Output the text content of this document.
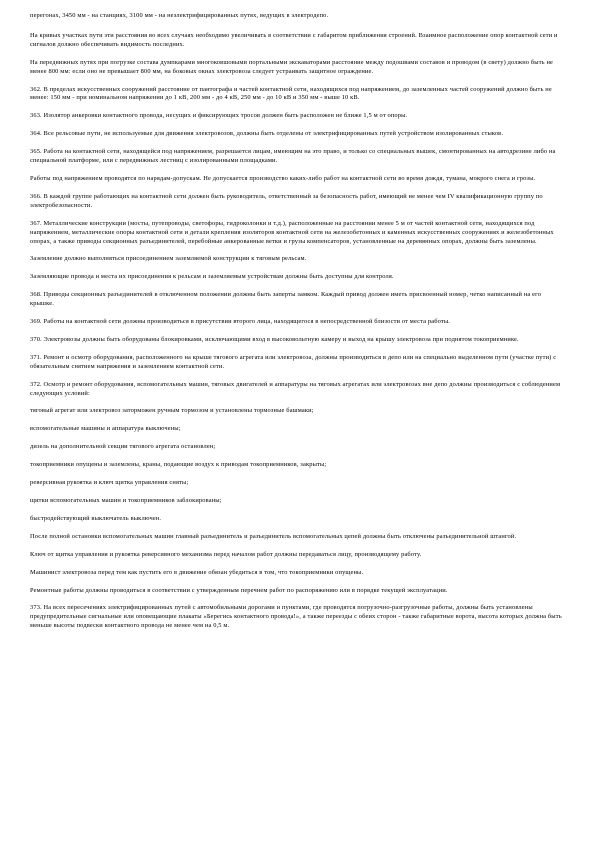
перегонах, 3450 мм - на станциях, 3100 мм - на неэлектрифицированных путях, ведущих в электродепо.

На кривых участках пути эти расстояния во всех случаях необходимо увеличивать в соответствии с габаритом приближения строений. Взаимное расположение опор контактной сети и сигналов должно обеспечивать видимость последних.

На передвижных путях при погрузке состава думпкарами многоковшовыми портальными экскаваторами расстояние между подошвами составов и проводом (в свету) должно быть не менее 800 мм: если оно не превышает 800 мм, на боковых окнах электровоза следует устраивать защитное ограждение.

362. В пределах искусственных сооружений расстояние от пантографа и частей контактной сети, находящихся под напряжением, до заземленных частей сооружений должно быть не менее: 150 мм - при номинальном напряжении до 1 кВ, 200 мм - до 4 кВ, 250 мм - до 10 кВ и 350 мм - выше 10 кВ.

363. Изолятор анкеровки контактного провода, несущих и фиксирующих тросов должен быть расположен не ближе 1,5 м от опоры.

364. Все рельсовые пути, не используемые для движения электровозов, должны быть отделены от электрифицированных путей устройством изолированных стыков.

365. Работа на контактной сети, находящейся под напряжением, разрешается лицам, имеющим на это право, и только со специальных вышек, смонтированных на автодрезине либо на специальной платформе, или с передвижных лестниц с изолированными площадками.

Работы под напряжением проводятся по нарядам-допускам. Не допускается производство каких-либо работ на контактной сети во время дождя, тумана, мокрого снега и грозы.

366. В каждой группе работающих на контактной сети должен быть руководитель, ответственный за безопасность работ, имеющий не менее чем IV квалификационную группу по электробезопасности.

367. Металлические конструкции (мосты, путепроводы, светофоры, гидроколонки и т.д.), расположенные на расстоянии менее 5 м от частей контактной сети, находящихся под напряжением, металлические опоры контактной сети и детали крепления изоляторов контактной сети на железобетонных и каменных искусственных сооружениях и железобетонных опорах, а также приводы секционных разъединителей, перебойные анкерованные ветки и грузы компенсаторов, установленные на деревянных опорах, должны быть заземлены.

Заземление должно выполняться присоединением заземляемой конструкции к тяговым рельсам.

Заземляющие провода и места их присоединения к рельсам и заземляемым устройствам должны быть доступны для контроля.

368. Приводы секционных разъединителей в отключенном положении должны быть заперты замком. Каждый привод должен иметь присвоенный номер, четко написанный на его крышке.

369. Работы на контактной сети должны производиться в присутствии второго лица, находящегося в непосредственной близости от места работы.

370. Электровозы должны быть оборудованы блокировками, исключающими вход в высоковольтную камеру и выход на крышу электровоза при поднятом токоприемнике.

371. Ремонт и осмотр оборудования, расположенного на крыше тягового агрегата или электровоза, должны производиться в депо или на специально выделенном пути (участке пути) с обязательным снятием напряжения и заземлением контактной сети.

372. Осмотр и ремонт оборудования, вспомогательных машин, тяговых двигателей и аппаратуры на тяговых агрегатах или электровозах вне депо должны производиться с соблюдением следующих условий:

тяговый агрегат или электровоз заторможен ручным тормозом и установлены тормозные башмаки;

вспомогательные машины и аппаратура выключены;

дизель на дополнительной секции тягового агрегата остановлен;

токоприемники опущены и заземлены, краны, подающие воздух к приводам токоприемников, закрыты;

реверсивная рукоятка и ключ щитка управления сняты;

щитки вспомогательных машин и токоприемников заблокированы;

быстродействующий выключатель выключен.

После полной остановки вспомогательных машин главный разъединитель и разъединитель вспомогательных цепей должны быть отключены разъединительной штангой.

Ключ от щитка управления и рукоятка реверсивного механизма перед началом работ должны передаваться лицу, производящему работу.

Машинист электровоза перед тем как пустить его в движение обязан убедиться в том, что токоприемники опущены.

Ремонтные работы должны проводиться в соответствии с утвержденным перечнем работ по распоряжению или в порядке текущей эксплуатации.

373. На всех пересечениях электрифицированных путей с автомобильными дорогами и пунктами, где проводятся погрузочно-разгрузочные работы, должны быть установлены предупредительные сигнальные или оповещающие плакаты «Берегись контактного провода!», а также переезды с обеих сторон - также габаритные ворота, высота которых должна быть меньше высоты подвески контактного провода не менее чем на 0,5 м.
